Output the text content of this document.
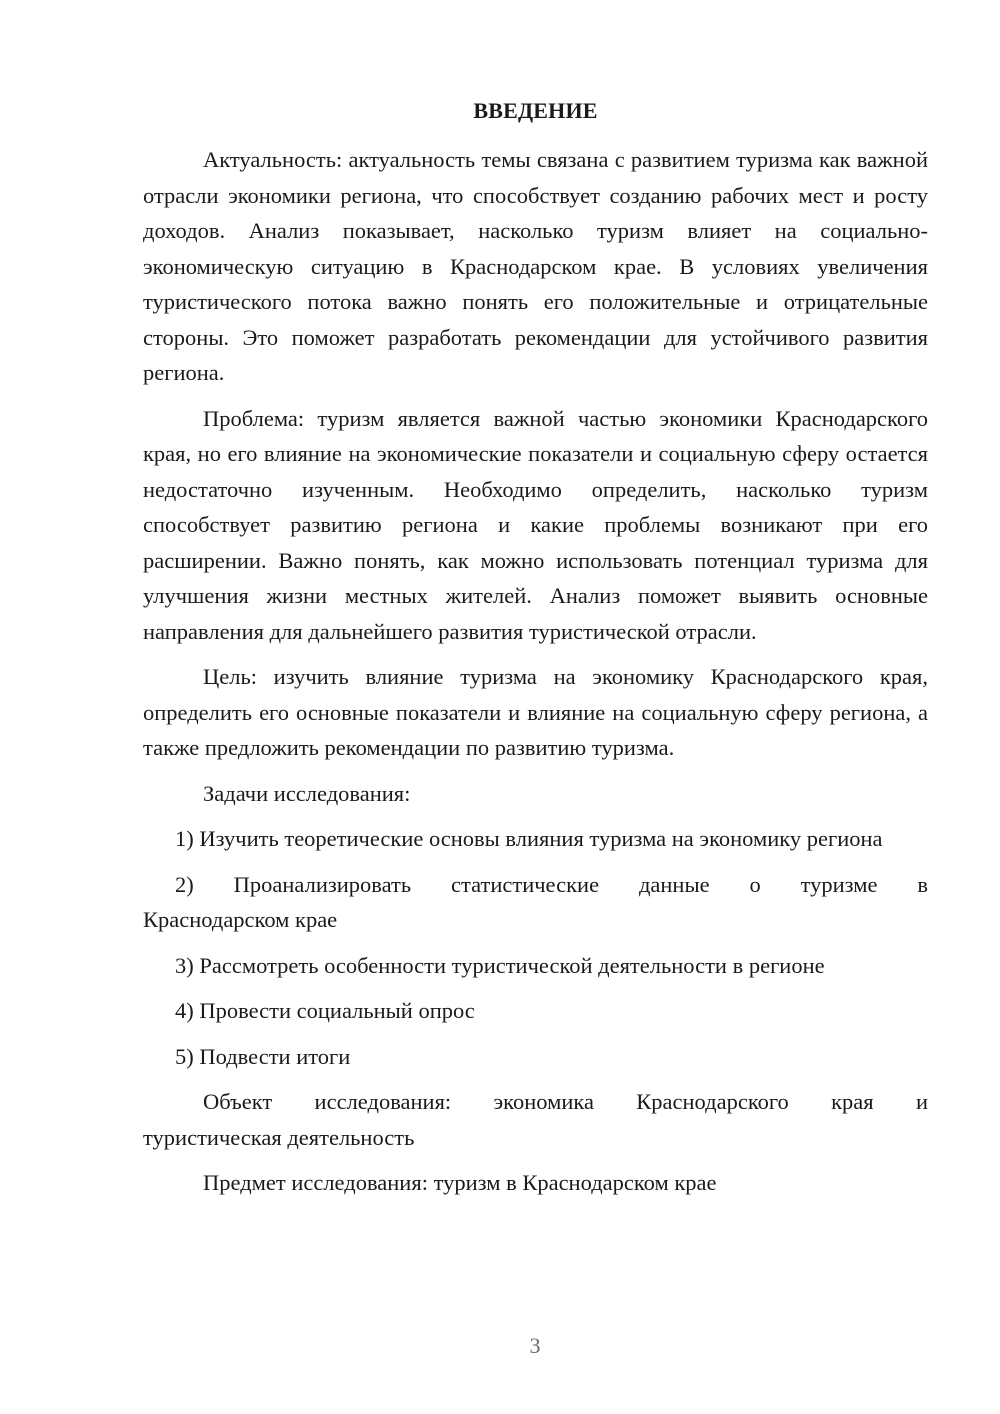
ВВЕДЕНИЕ

Актуальность: актуальность темы связана с развитием туризма как важной отрасли экономики региона, что способствует созданию рабочих мест и росту доходов. Анализ показывает, насколько туризм влияет на социально-экономическую ситуацию в Краснодарском крае. В условиях увеличения туристического потока важно понять его положительные и отрицательные стороны. Это поможет разработать рекомендации для устойчивого развития региона.

Проблема: туризм является важной частью экономики Краснодарского края, но его влияние на экономические показатели и социальную сферу остается недостаточно изученным. Необходимо определить, насколько туризм способствует развитию региона и какие проблемы возникают при его расширении. Важно понять, как можно использовать потенциал туризма для улучшения жизни местных жителей. Анализ поможет выявить основные направления для дальнейшего развития туристической отрасли.

Цель: изучить влияние туризма на экономику Краснодарского края, определить его основные показатели и влияние на социальную сферу региона, а также предложить рекомендации по развитию туризма.

Задачи исследования:

1) Изучить теоретические основы влияния туризма на экономику региона

2) Проанализировать статистические данные о туризме в
Краснодарском крае

3) Рассмотреть особенности туристической деятельности в регионе

4) Провести социальный опрос

5) Подвести итоги

Объект исследования: экономика Краснодарского края и
туристическая деятельность

Предмет исследования: туризм в Краснодарском крае

3
